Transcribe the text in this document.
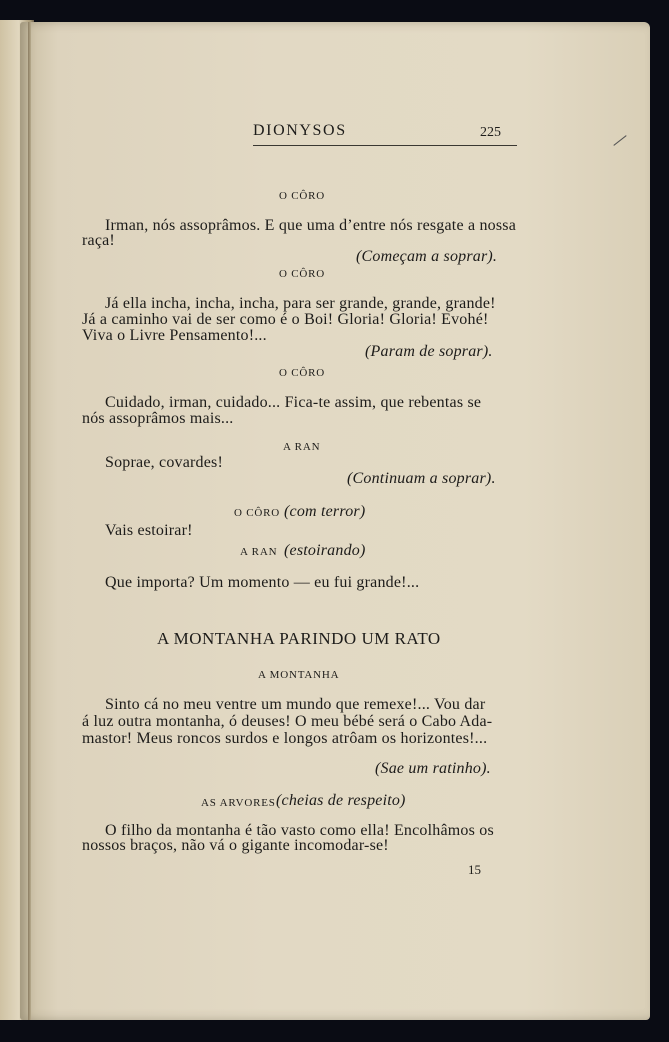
DIONYSOS	225
O CÔRO
Irman, nós assoprâmos. E que uma d’entre nós resgate a nossa
raça!
(Começam a soprar).
O CÔRO
Já ella incha, incha, incha, para ser grande, grande, grande!
Já a caminho vai de ser como é o Boi! Gloria! Gloria! Evohé!
Viva o Livre Pensamento!...
(Param de soprar).
O CÔRO
Cuidado, irman, cuidado... Fica-te assim, que rebentas se
nós assoprâmos mais...
A RAN
Soprae, covardes!
(Continuam a soprar).
O CÔRO (com terror)
Vais estoirar!
A RAN (estoirando)
Que importa? Um momento — eu fui grande!...
A MONTANHA PARINDO UM RATO
A MONTANHA
Sinto cá no meu ventre um mundo que remexe!... Vou dar
á luz outra montanha, ó deuses! O meu bébé será o Cabo Ada-
mastor! Meus roncos surdos e longos atrôam os horizontes!...
(Sae um ratinho).
AS ARVORES (cheias de respeito)
O filho da montanha é tão vasto como ella! Encolhâmos os
nossos braços, não vá o gigante incomodar-se!
15
